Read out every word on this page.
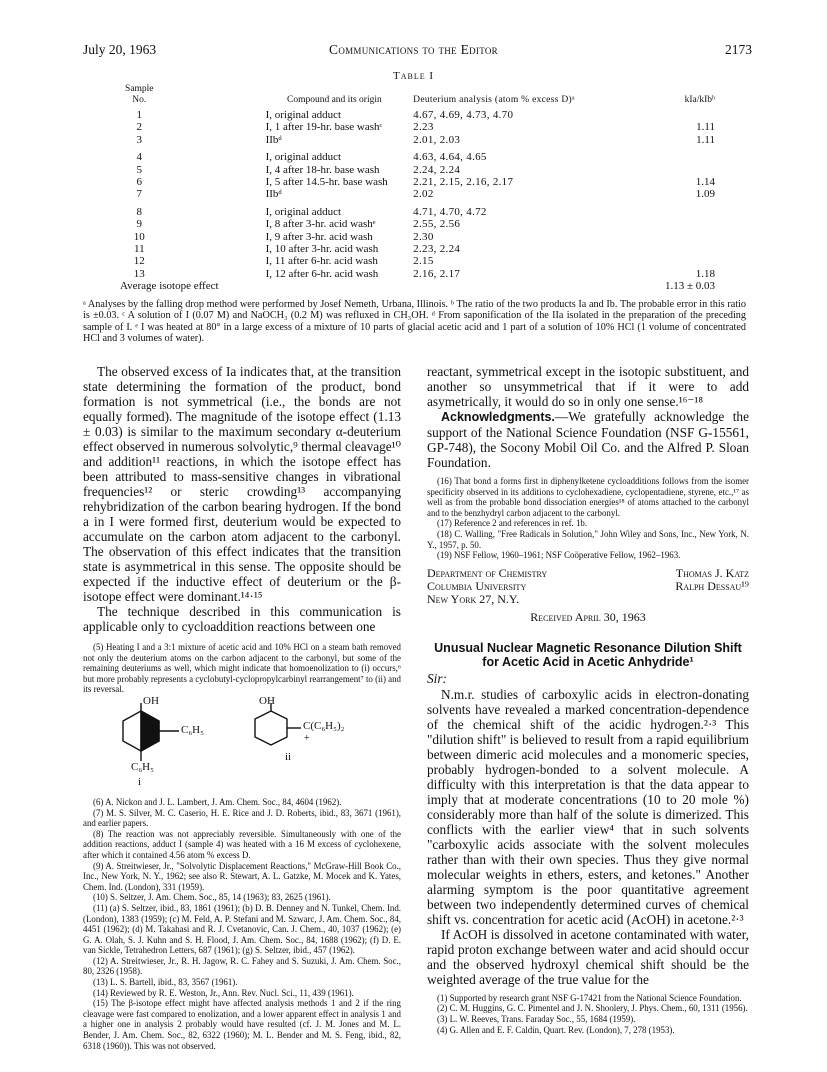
July 20, 1963	Communications to the Editor	2173
Table I
Sample No.	Compound and its origin	Deuterium analysis (atom % excess D)ᵃ	kIa/kIbᵇ
1	I, original adduct	4.67, 4.69, 4.73, 4.70	
2	I, 1 after 19-hr. base washᶜ	2.23	1.11
3	IIbᵈ	2.01, 2.03	1.11
4	I, original adduct	4.63, 4.64, 4.65	
5	I, 4 after 18-hr. base wash	2.24, 2.24	
6	I, 5 after 14.5-hr. base wash	2.21, 2.15, 2.16, 2.17	1.14
7	IIbᵈ	2.02	1.09
8	I, original adduct	4.71, 4.70, 4.72	
9	I, 8 after 3-hr. acid washᵉ	2.55, 2.56	
10	I, 9 after 3-hr. acid wash	2.30	
11	I, 10 after 3-hr. acid wash	2.23, 2.24	
12	I, 11 after 6-hr. acid wash	2.15	
13	I, 12 after 6-hr. acid wash	2.16, 2.17	1.18
Average isotope effect			1.13 ± 0.03
ᵃ Analyses by the falling drop method were performed by Josef Nemeth, Urbana, Illinois. ᵇ The ratio of the two products Ia and Ib. The probable error in this ratio is ±0.03. ᶜ A solution of I (0.07 M) and NaOCH₃ (0.2 M) was refluxed in CH₃OH. ᵈ From saponification of the IIa isolated in the preparation of the preceding sample of I. ᵉ I was heated at 80° in a large excess of a mixture of 10 parts of glacial acetic acid and 1 part of a solution of 10% HCl (1 volume of concentrated HCl and 3 volumes of water).

The observed excess of Ia indicates that, at the transition state determining the formation of the product, bond formation is not symmetrical (i.e., the bonds are not equally formed). The magnitude of the isotope effect (1.13 ± 0.03) is similar to the maximum secondary α-deuterium effect observed in numerous solvolytic,⁹ thermal cleavage¹⁰ and addition¹¹ reactions, in which the isotope effect has been attributed to mass-sensitive changes in vibrational frequencies¹² or steric crowding¹³ accompanying rehybridization of the carbon bearing hydrogen. If the bond a in I were formed first, deuterium would be expected to accumulate on the carbon atom adjacent to the carbonyl. The observation of this effect indicates that the transition state is asymmetrical in this sense. The opposite should be expected if the inductive effect of deuterium or the β-isotope effect were dominant.¹⁴·¹⁵

The technique described in this communication is applicable only to cycloaddition reactions between one

(5) Heating I and a 3:1 mixture of acetic acid and 10% HCl on a steam bath removed not only the deuterium atoms on the carbon adjacent to the carbonyl, but some of the remaining deuteriums as well, which might indicate that homoenolization to (i) occurs,⁶ but more probably represents a cyclobutyl-cyclopropylcarbinyl rearrangement⁷ to (ii) and its reversal.

OH
C₆H₅
C₆H₅
i
OH
C(C₆H₅)₂
+
ii

(6) A. Nickon and J. L. Lambert, J. Am. Chem. Soc., 84, 4604 (1962).

(7) M. S. Silver, M. C. Caserio, H. E. Rice and J. D. Roberts, ibid., 83, 3671 (1961), and earlier papers.

(8) The reaction was not appreciably reversible. Simultaneously with one of the addition reactions, adduct I (sample 4) was heated with a 16 M excess of cyclohexene, after which it contained 4.56 atom % excess D.

(9) A. Streitwieser, Jr., "Solvolytic Displacement Reactions," McGraw-Hill Book Co., Inc., New York, N. Y., 1962; see also R. Stewart, A. L. Gatzke, M. Mocek and K. Yates, Chem. Ind. (London), 331 (1959).

(10) S. Seltzer, J. Am. Chem. Soc., 85, 14 (1963); 83, 2625 (1961).

(11) (a) S. Seltzer, ibid., 83, 1861 (1961); (b) D. B. Denney and N. Tunkel, Chem. Ind. (London), 1383 (1959); (c) M. Feld, A. P. Stefani and M. Szwarc, J. Am. Chem. Soc., 84, 4451 (1962); (d) M. Takahasi and R. J. Cvetanovic, Can. J. Chem., 40, 1037 (1962); (e) G. A. Olah, S. J. Kuhn and S. H. Flood, J. Am. Chem. Soc., 84, 1688 (1962); (f) D. E. van Sickle, Tetrahedron Letters, 687 (1961); (g) S. Seltzer, ibid., 457 (1962).

(12) A. Streitwieser, Jr., R. H. Jagow, R. C. Fahey and S. Suzuki, J. Am. Chem. Soc., 80, 2326 (1958).

(13) L. S. Bartell, ibid., 83, 3567 (1961).

(14) Reviewed by R. E. Weston, Jr., Ann. Rev. Nucl. Sci., 11, 439 (1961).

(15) The β-isotope effect might have affected analysis methods 1 and 2 if the ring cleavage were fast compared to enolization, and a lower apparent effect in analysis 1 and a higher one in analysis 2 probably would have resulted (cf. J. M. Jones and M. L. Bender, J. Am. Chem. Soc., 82, 6322 (1960); M. L. Bender and M. S. Feng, ibid., 82, 6318 (1960)). This was not observed.

reactant, symmetrical except in the isotopic substituent, and another so unsymmetrical that if it were to add asymetrically, it would do so in only one sense.¹⁶⁻¹⁸

Acknowledgments.—We gratefully acknowledge the support of the National Science Foundation (NSF G-15561, GP-748), the Socony Mobil Oil Co. and the Alfred P. Sloan Foundation.

(16) That bond a forms first in diphenylketene cycloadditions follows from the isomer specificity observed in its additions to cyclohexadiene, cyclopentadiene, styrene, etc.,¹⁷ as well as from the probable bond dissociation energies¹⁸ of atoms attached to the carbonyl and to the benzhydryl carbon adjacent to the carbonyl.

(17) Reference 2 and references in ref. 1b.

(18) C. Walling, "Free Radicals in Solution," John Wiley and Sons, Inc., New York, N. Y., 1957, p. 50.

(19) NSF Fellow, 1960–1961; NSF Coöperative Fellow, 1962–1963.

Department of Chemistry	Thomas J. Katz
Columbia University	Ralph Dessau¹⁹
New York 27, N.Y.
Received April 30, 1963
Unusual Nuclear Magnetic Resonance Dilution Shift for Acetic Acid in Acetic Anhydride¹
Sir:

N.m.r. studies of carboxylic acids in electron-donating solvents have revealed a marked concentration-dependence of the chemical shift of the acidic hydrogen.²·³ This "dilution shift" is believed to result from a rapid equilibrium between dimeric acid molecules and a monomeric species, probably hydrogen-bonded to a solvent molecule. A difficulty with this interpretation is that the data appear to imply that at moderate concentrations (10 to 20 mole %) considerably more than half of the solute is dimerized. This conflicts with the earlier view⁴ that in such solvents "carboxylic acids associate with the solvent molecules rather than with their own species. Thus they give normal molecular weights in ethers, esters, and ketones." Another alarming symptom is the poor quantitative agreement between two independently determined curves of chemical shift vs. concentration for acetic acid (AcOH) in acetone.²·³

If AcOH is dissolved in acetone contaminated with water, rapid proton exchange between water and acid should occur and the observed hydroxyl chemical shift should be the weighted average of the true value for the

(1) Supported by research grant NSF G-17421 from the National Science Foundation.

(2) C. M. Huggins, G. C. Pimentel and J. N. Shoolery, J. Phys. Chem., 60, 1311 (1956).

(3) L. W. Reeves, Trans. Faraday Soc., 55, 1684 (1959).

(4) G. Allen and E. F. Caldin, Quart. Rev. (London), 7, 278 (1953).
